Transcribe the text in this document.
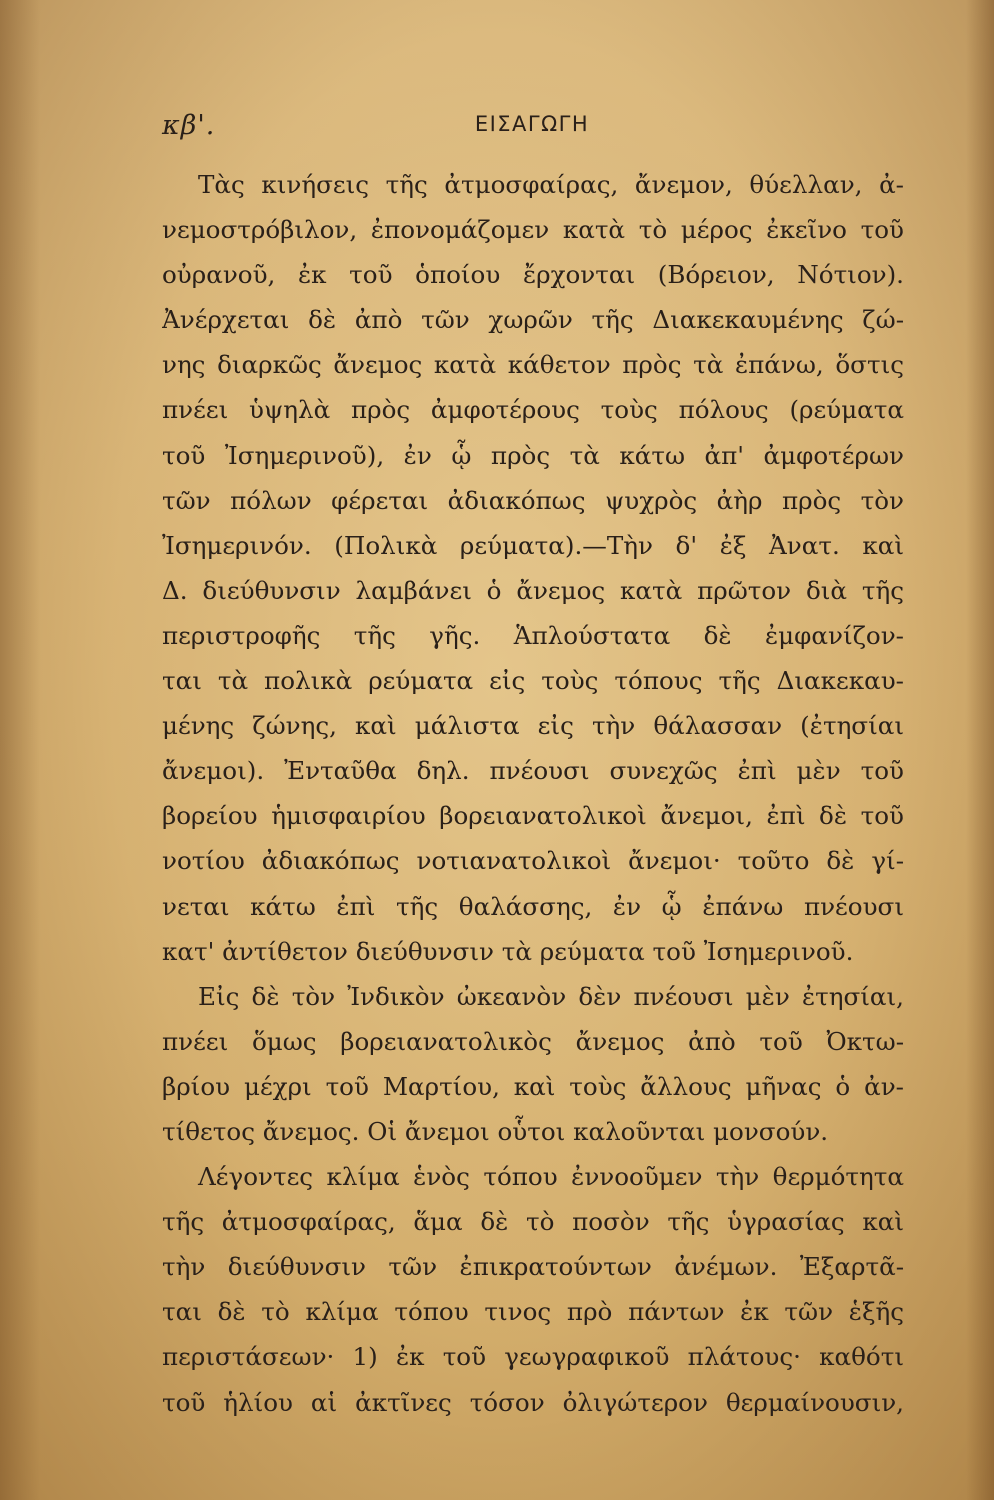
κβ'.	ΕΙΣΑΓΩΓΗ
Τὰς κινήσεις τῆς ἀτμοσφαίρας, ἄνεμον, θύελλαν, ἀ-
νεμοστρόβιλον, ἐπονομάζομεν κατὰ τὸ μέρος ἐκεῖνο τοῦ
οὐρανοῦ, ἐκ τοῦ ὁποίου ἔρχονται (Βόρειον, Νότιον).
Ἀνέρχεται δὲ ἀπὸ τῶν χωρῶν τῆς Διακεκαυμένης ζώ-
νης διαρκῶς ἄνεμος κατὰ κάθετον πρὸς τὰ ἐπάνω, ὅστις
πνέει ὑψηλὰ πρὸς ἀμφοτέρους τοὺς πόλους (ρεύματα
τοῦ Ἰσημερινοῦ), ἐν ᾧ πρὸς τὰ κάτω ἀπ' ἀμφοτέρων
τῶν πόλων φέρεται ἀδιακόπως ψυχρὸς ἀὴρ πρὸς τὸν
Ἰσημερινόν. (Πολικὰ ρεύματα).—Τὴν δ' ἐξ Ἀνατ. καὶ
Δ. διεύθυνσιν λαμβάνει ὁ ἄνεμος κατὰ πρῶτον διὰ τῆς
περιστροφῆς τῆς γῆς. Ἁπλούστατα δὲ ἐμφανίζον-
ται τὰ πολικὰ ρεύματα εἰς τοὺς τόπους τῆς Διακεκαυ-
μένης ζώνης, καὶ μάλιστα εἰς τὴν θάλασσαν (ἐτησίαι
ἄνεμοι). Ἐνταῦθα δηλ. πνέουσι συνεχῶς ἐπὶ μὲν τοῦ
βορείου ἡμισφαιρίου βορειανατολικοὶ ἄνεμοι, ἐπὶ δὲ τοῦ
νοτίου ἀδιακόπως νοτιανατολικοὶ ἄνεμοι· τοῦτο δὲ γί-
νεται κάτω ἐπὶ τῆς θαλάσσης, ἐν ᾧ ἐπάνω πνέουσι
κατ' ἀντίθετον διεύθυνσιν τὰ ρεύματα τοῦ Ἰσημερινοῦ.
Εἰς δὲ τὸν Ἰνδικὸν ὠκεανὸν δὲν πνέουσι μὲν ἐτησίαι,
πνέει ὅμως βορειανατολικὸς ἄνεμος ἀπὸ τοῦ Ὀκτω-
βρίου μέχρι τοῦ Μαρτίου, καὶ τοὺς ἄλλους μῆνας ὁ ἀν-
τίθετος ἄνεμος. Οἱ ἄνεμοι οὗτοι καλοῦνται μονσούν.
Λέγοντες κλίμα ἑνὸς τόπου ἐννοοῦμεν τὴν θερμότητα
τῆς ἀτμοσφαίρας, ἅμα δὲ τὸ ποσὸν τῆς ὑγρασίας καὶ
τὴν διεύθυνσιν τῶν ἐπικρατούντων ἀνέμων. Ἐξαρτᾶ-
ται δὲ τὸ κλίμα τόπου τινος πρὸ πάντων ἐκ τῶν ἑξῆς
περιστάσεων· 1) ἐκ τοῦ γεωγραφικοῦ πλάτους· καθότι
τοῦ ἡλίου αἱ ἀκτῖνες τόσον ὀλιγώτερον θερμαίνουσιν,
